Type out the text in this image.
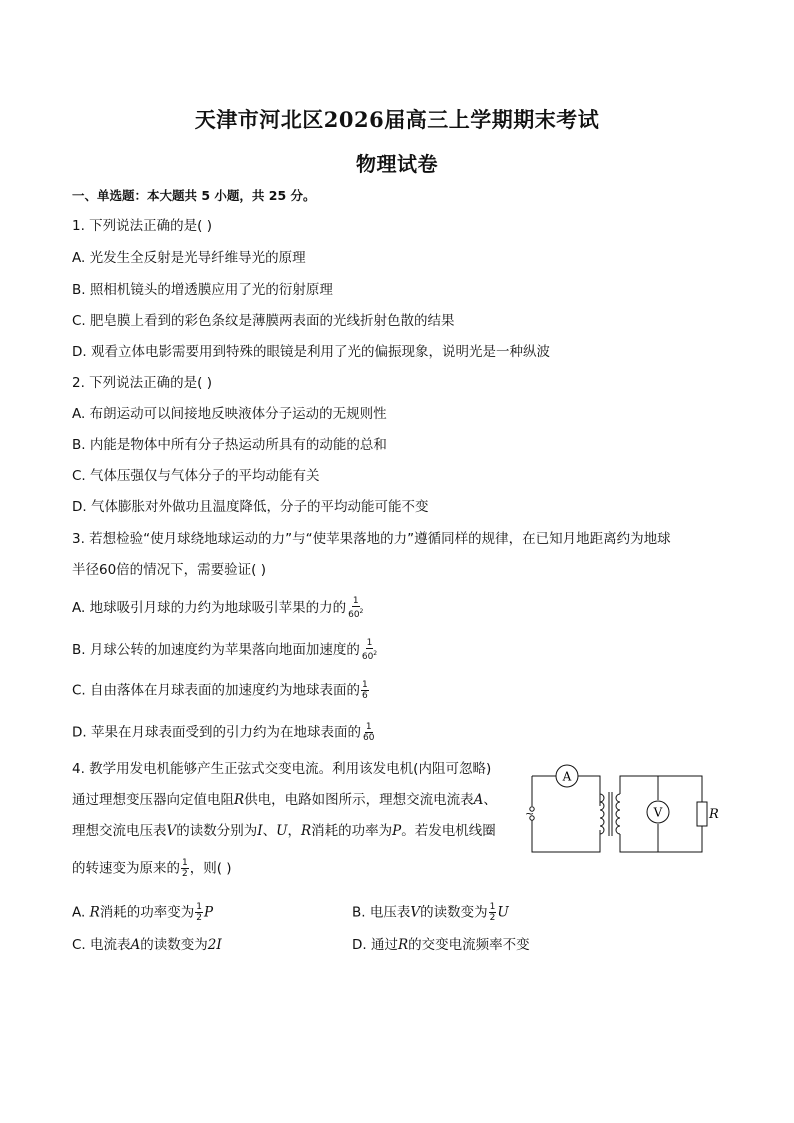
天津市河北区2026届高三上学期期末考试
物理试卷
一、单选题：本大题共 5 小题，共 25 分。
1. 下列说法正确的是( )
A. 光发生全反射是光导纤维导光的原理
B. 照相机镜头的增透膜应用了光的衍射原理
C. 肥皂膜上看到的彩色条纹是薄膜两表面的光线折射色散的结果
D. 观看立体电影需要用到特殊的眼镜是利用了光的偏振现象，说明光是一种纵波
2. 下列说法正确的是( )
A. 布朗运动可以间接地反映液体分子运动的无规则性
B. 内能是物体中所有分子热运动所具有的动能的总和
C. 气体压强仅与气体分子的平均动能有关
D. 气体膨胀对外做功且温度降低，分子的平均动能可能不变
3. 若想检验“使月球绕地球运动的力”与“使苹果落地的力”遵循同样的规律，在已知月地距离约为地球
半径60倍的情况下，需要验证( )
A. 地球吸引月球的力约为地球吸引苹果的力的 $\frac{1}{60^2}$
B. 月球公转的加速度约为苹果落向地面加速度的 $\frac{1}{60^2}$
C. 自由落体在月球表面的加速度约为地球表面的 $\frac{1}{6}$
D. 苹果在月球表面受到的引力约为在地球表面的 $\frac{1}{60}$
4. 教学用发电机能够产生正弦式交变电流。利用该发电机(内阻可忽略)
通过理想变压器向定值电阻R供电，电路如图所示，理想交流电流表A、
理想交流电压表V的读数分别为I、U，R消耗的功率为P。若发电机线圈
的转速变为原来的 $\frac{1}{2}$ ，则( )
A. R消耗的功率变为 $\frac{1}{2}$ P	B. 电压表V的读数变为 $\frac{1}{2}$ U
C. 电流表A的读数变为2I	D. 通过R的交变电流频率不变
A
V	R
~
